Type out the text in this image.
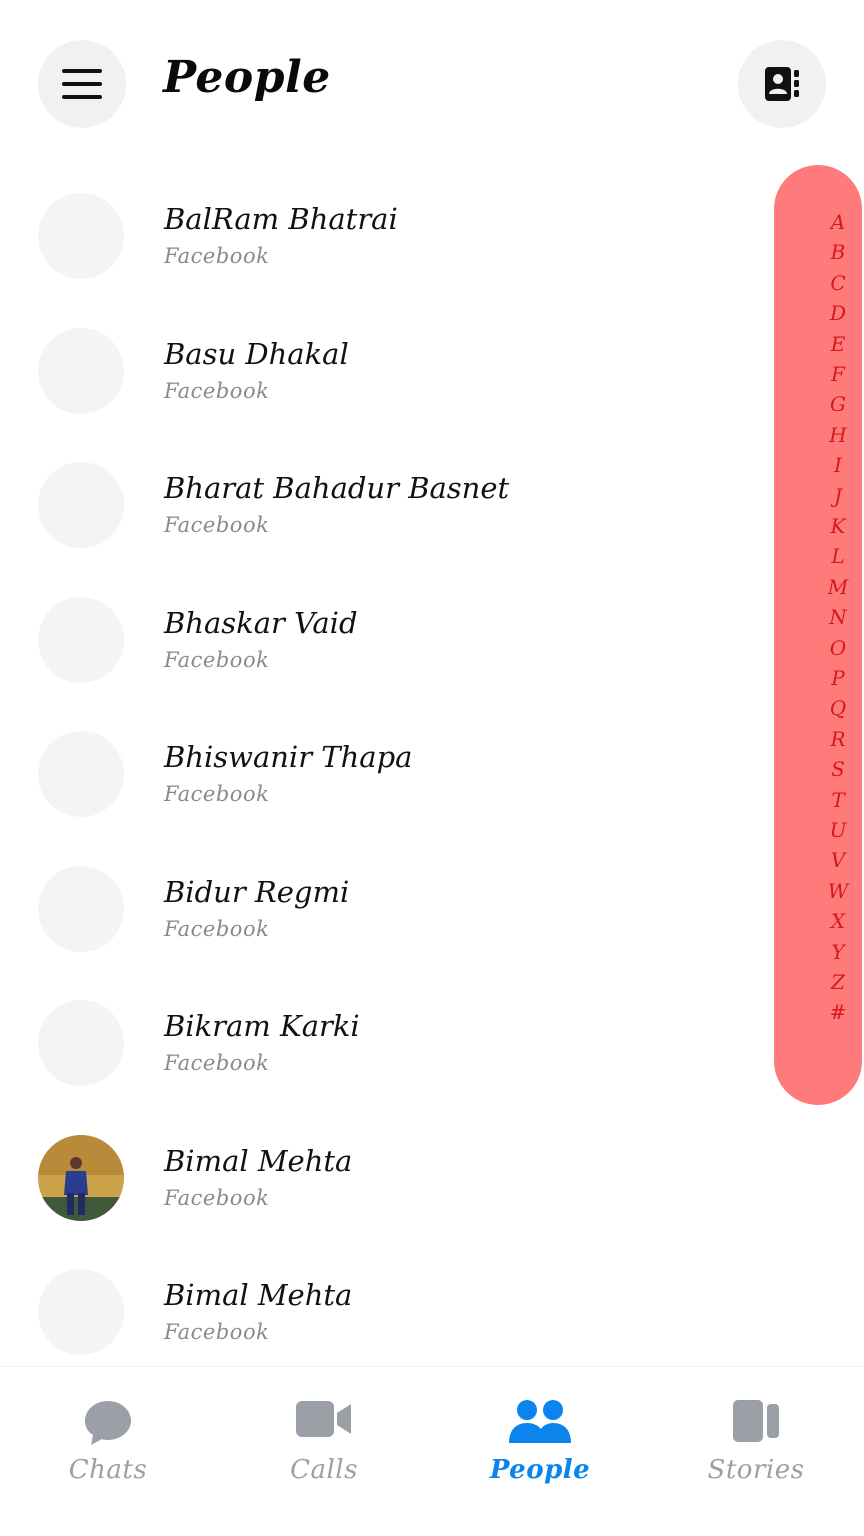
People
BalRam Bhatrai
Facebook
Basu Dhakal
Facebook
Bharat Bahadur Basnet
Facebook
Bhaskar Vaid
Facebook
Bhiswanir Thapa
Facebook
Bidur Regmi
Facebook
Bikram Karki
Facebook
Bimal Mehta
Facebook
Bimal Mehta
Facebook
A
B
C
D
E
F
G
H
I
J
K
L
M
N
O
P
Q
R
S
T
U
V
W
X
Y
Z
#
Chats	Calls	People	Stories
